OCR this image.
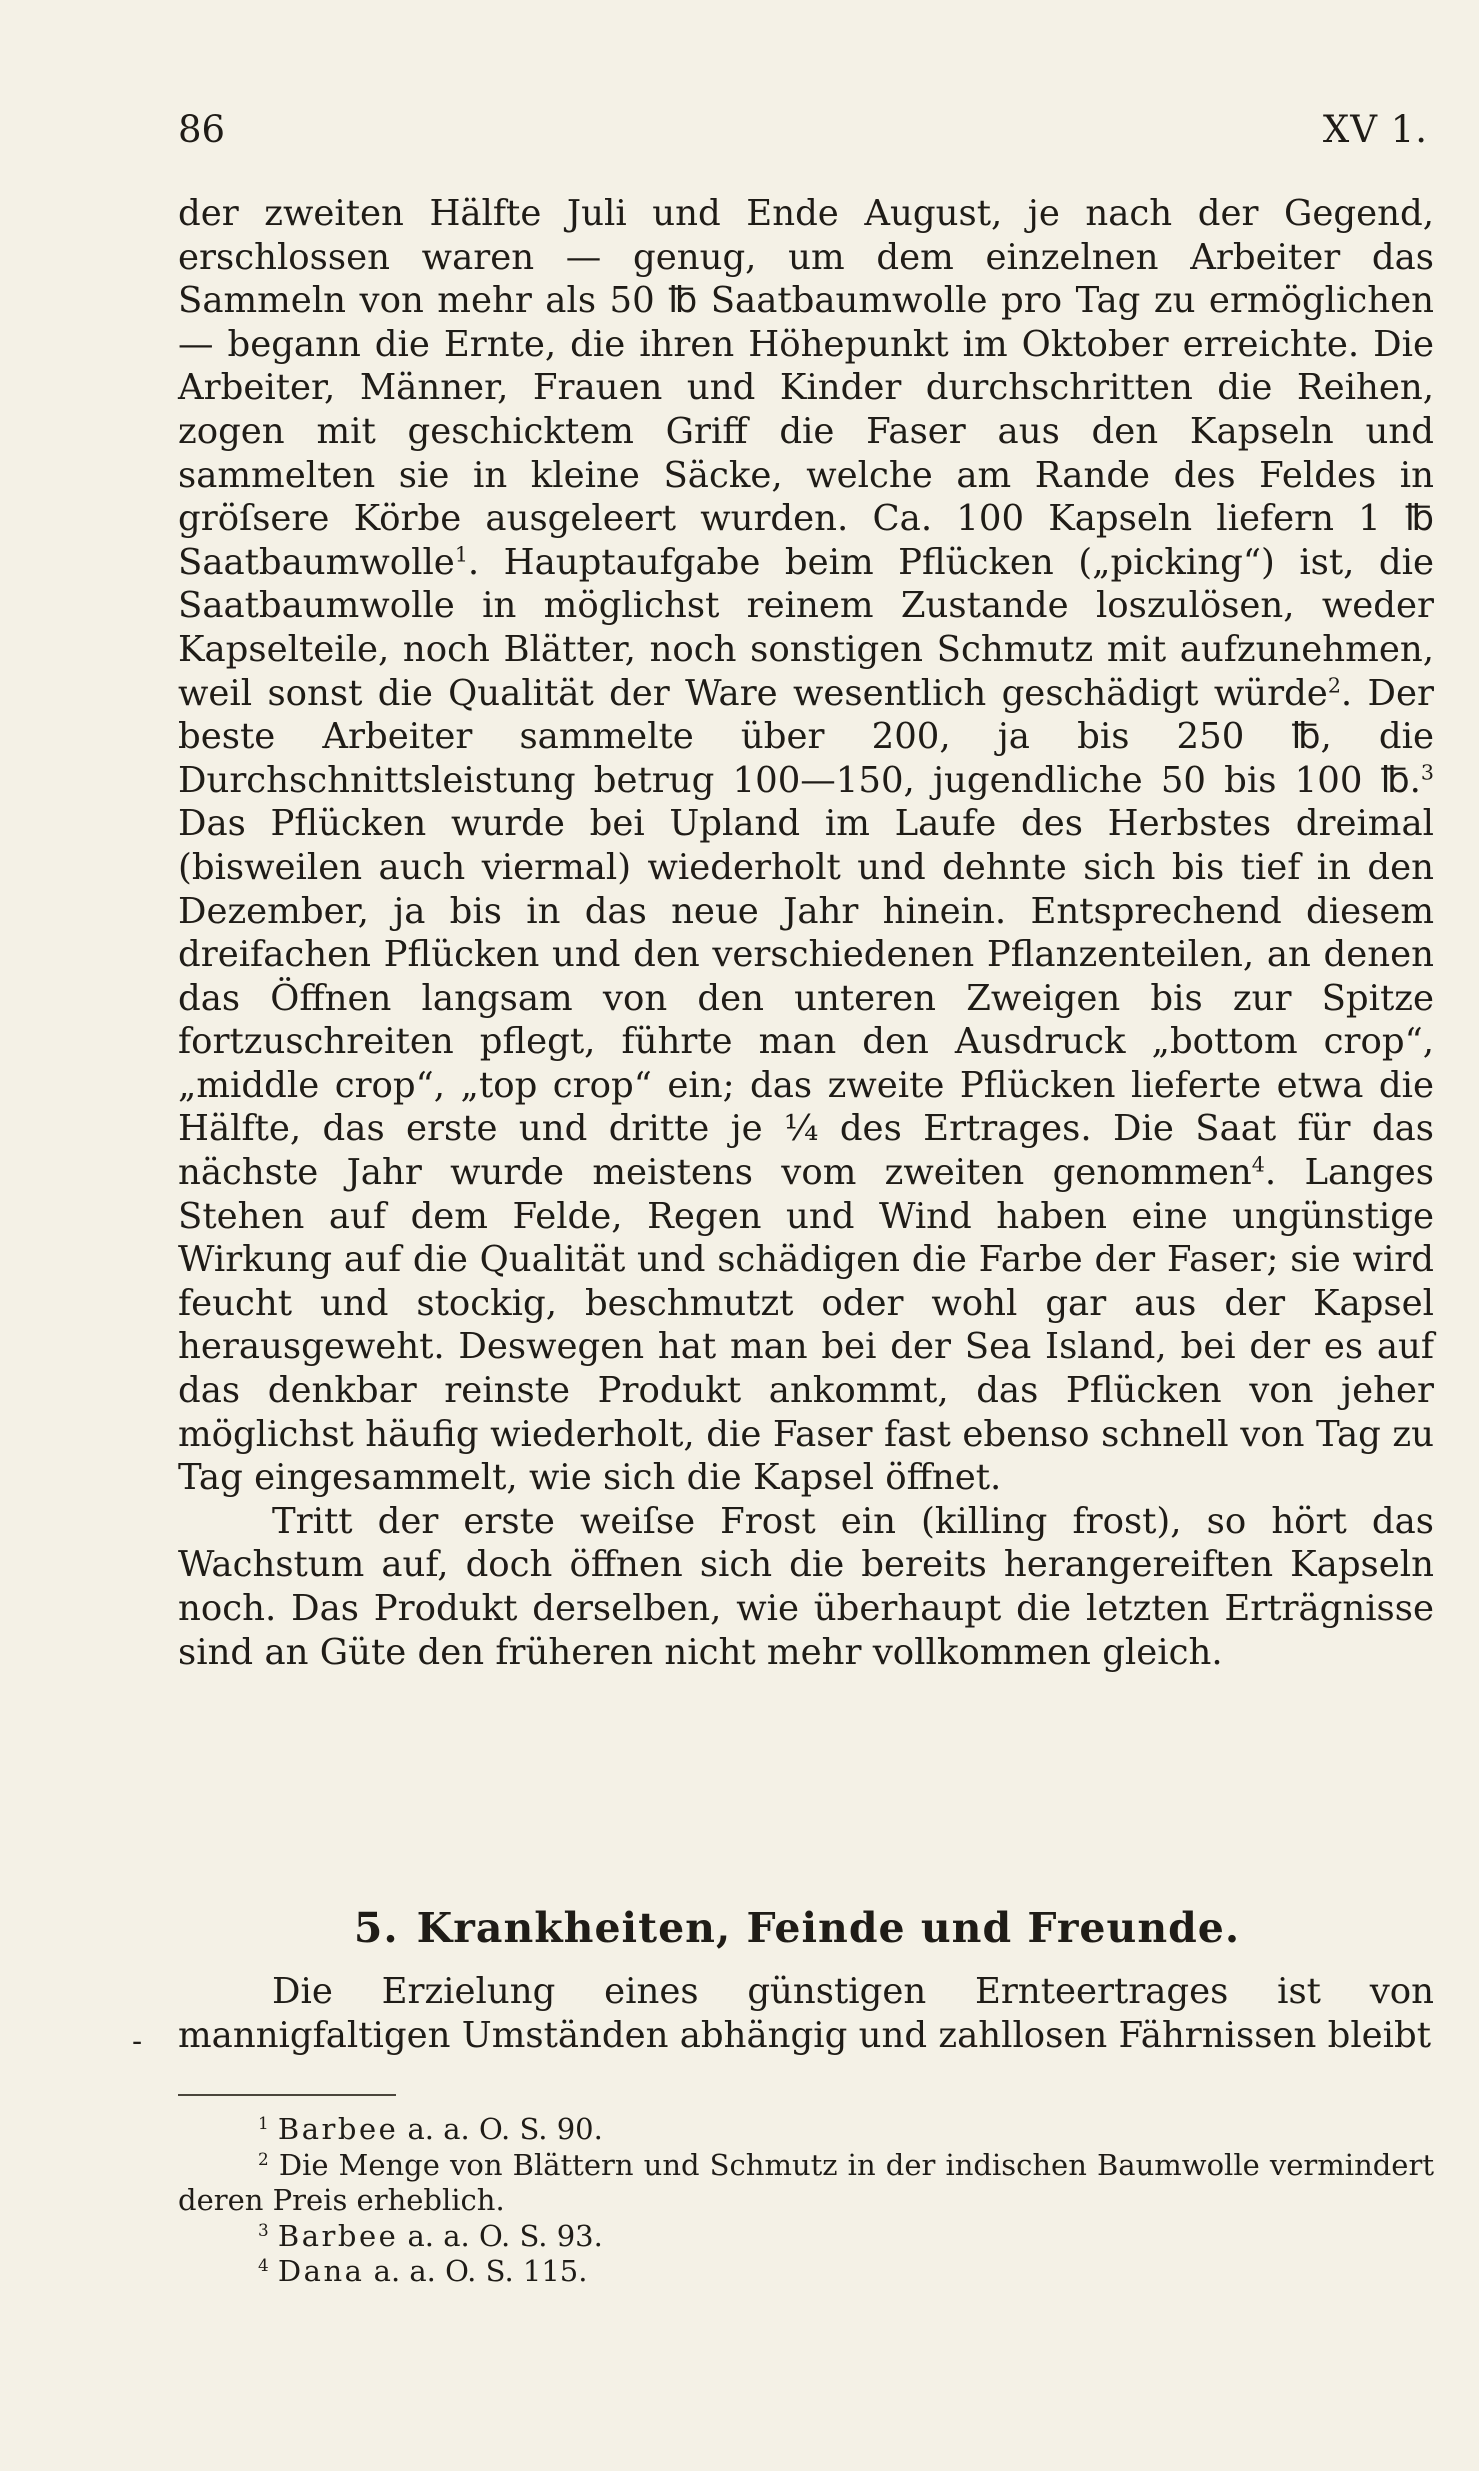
86	XV 1.

der zweiten Hälfte Juli und Ende August, je nach der Gegend, erschlossen waren — genug, um dem einzelnen Arbeiter das Sammeln von mehr als 50 ℔ Saatbaumwolle pro Tag zu ermöglichen — begann die Ernte, die ihren Höhepunkt im Oktober erreichte. Die Arbeiter, Männer, Frauen und Kinder durchschritten die Reihen, zogen mit geschicktem Griff die Faser aus den Kapseln und sammelten sie in kleine Säcke, welche am Rande des Feldes in gröſsere Körbe ausgeleert wurden. Ca. 100 Kapseln liefern 1 ℔ Saatbaumwolle$^1$. Hauptaufgabe beim Pflücken („picking“) ist, die Saatbaumwolle in möglichst reinem Zustande loszulösen, weder Kapselteile, noch Blätter, noch sonstigen Schmutz mit aufzunehmen, weil sonst die Qualität der Ware wesentlich geschädigt würde$^2$. Der beste Arbeiter sammelte über 200, ja bis 250 ℔, die Durchschnittsleistung betrug 100—150, jugendliche 50 bis 100 ℔.$^3$ Das Pflücken wurde bei Upland im Laufe des Herbstes dreimal (bisweilen auch viermal) wiederholt und dehnte sich bis tief in den Dezember, ja bis in das neue Jahr hinein. Entsprechend diesem dreifachen Pflücken und den verschiedenen Pflanzenteilen, an denen das Öffnen langsam von den unteren Zweigen bis zur Spitze fortzuschreiten pflegt, führte man den Ausdruck „bottom crop“, „middle crop“, „top crop“ ein; das zweite Pflücken lieferte etwa die Hälfte, das erste und dritte je ¼ des Ertrages. Die Saat für das nächste Jahr wurde meistens vom zweiten genommen$^4$. Langes Stehen auf dem Felde, Regen und Wind haben eine ungünstige Wirkung auf die Qualität und schädigen die Farbe der Faser; sie wird feucht und stockig, beschmutzt oder wohl gar aus der Kapsel herausgeweht. Deswegen hat man bei der Sea Island, bei der es auf das denkbar reinste Produkt ankommt, das Pflücken von jeher möglichst häufig wiederholt, die Faser fast ebenso schnell von Tag zu Tag eingesammelt, wie sich die Kapsel öffnet.

Tritt der erste weiſse Frost ein (killing frost), so hört das Wachstum auf, doch öffnen sich die bereits herangereiften Kapseln noch. Das Produkt derselben, wie überhaupt die letzten Erträgnisse sind an Güte den früheren nicht mehr vollkommen gleich.

5. Krankheiten, Feinde und Freunde.
-

Die Erzielung eines günstigen Ernteertrages ist von mannigfaltigen Umständen abhängig und zahllosen Fährnissen bleibt

$^1$ Barbee a. a. O. S. 90.

$^2$ Die Menge von Blättern und Schmutz in der indischen Baumwolle vermindert deren Preis erheblich.

$^3$ Barbee a. a. O. S. 93.

$^4$ Dana a. a. O. S. 115.
